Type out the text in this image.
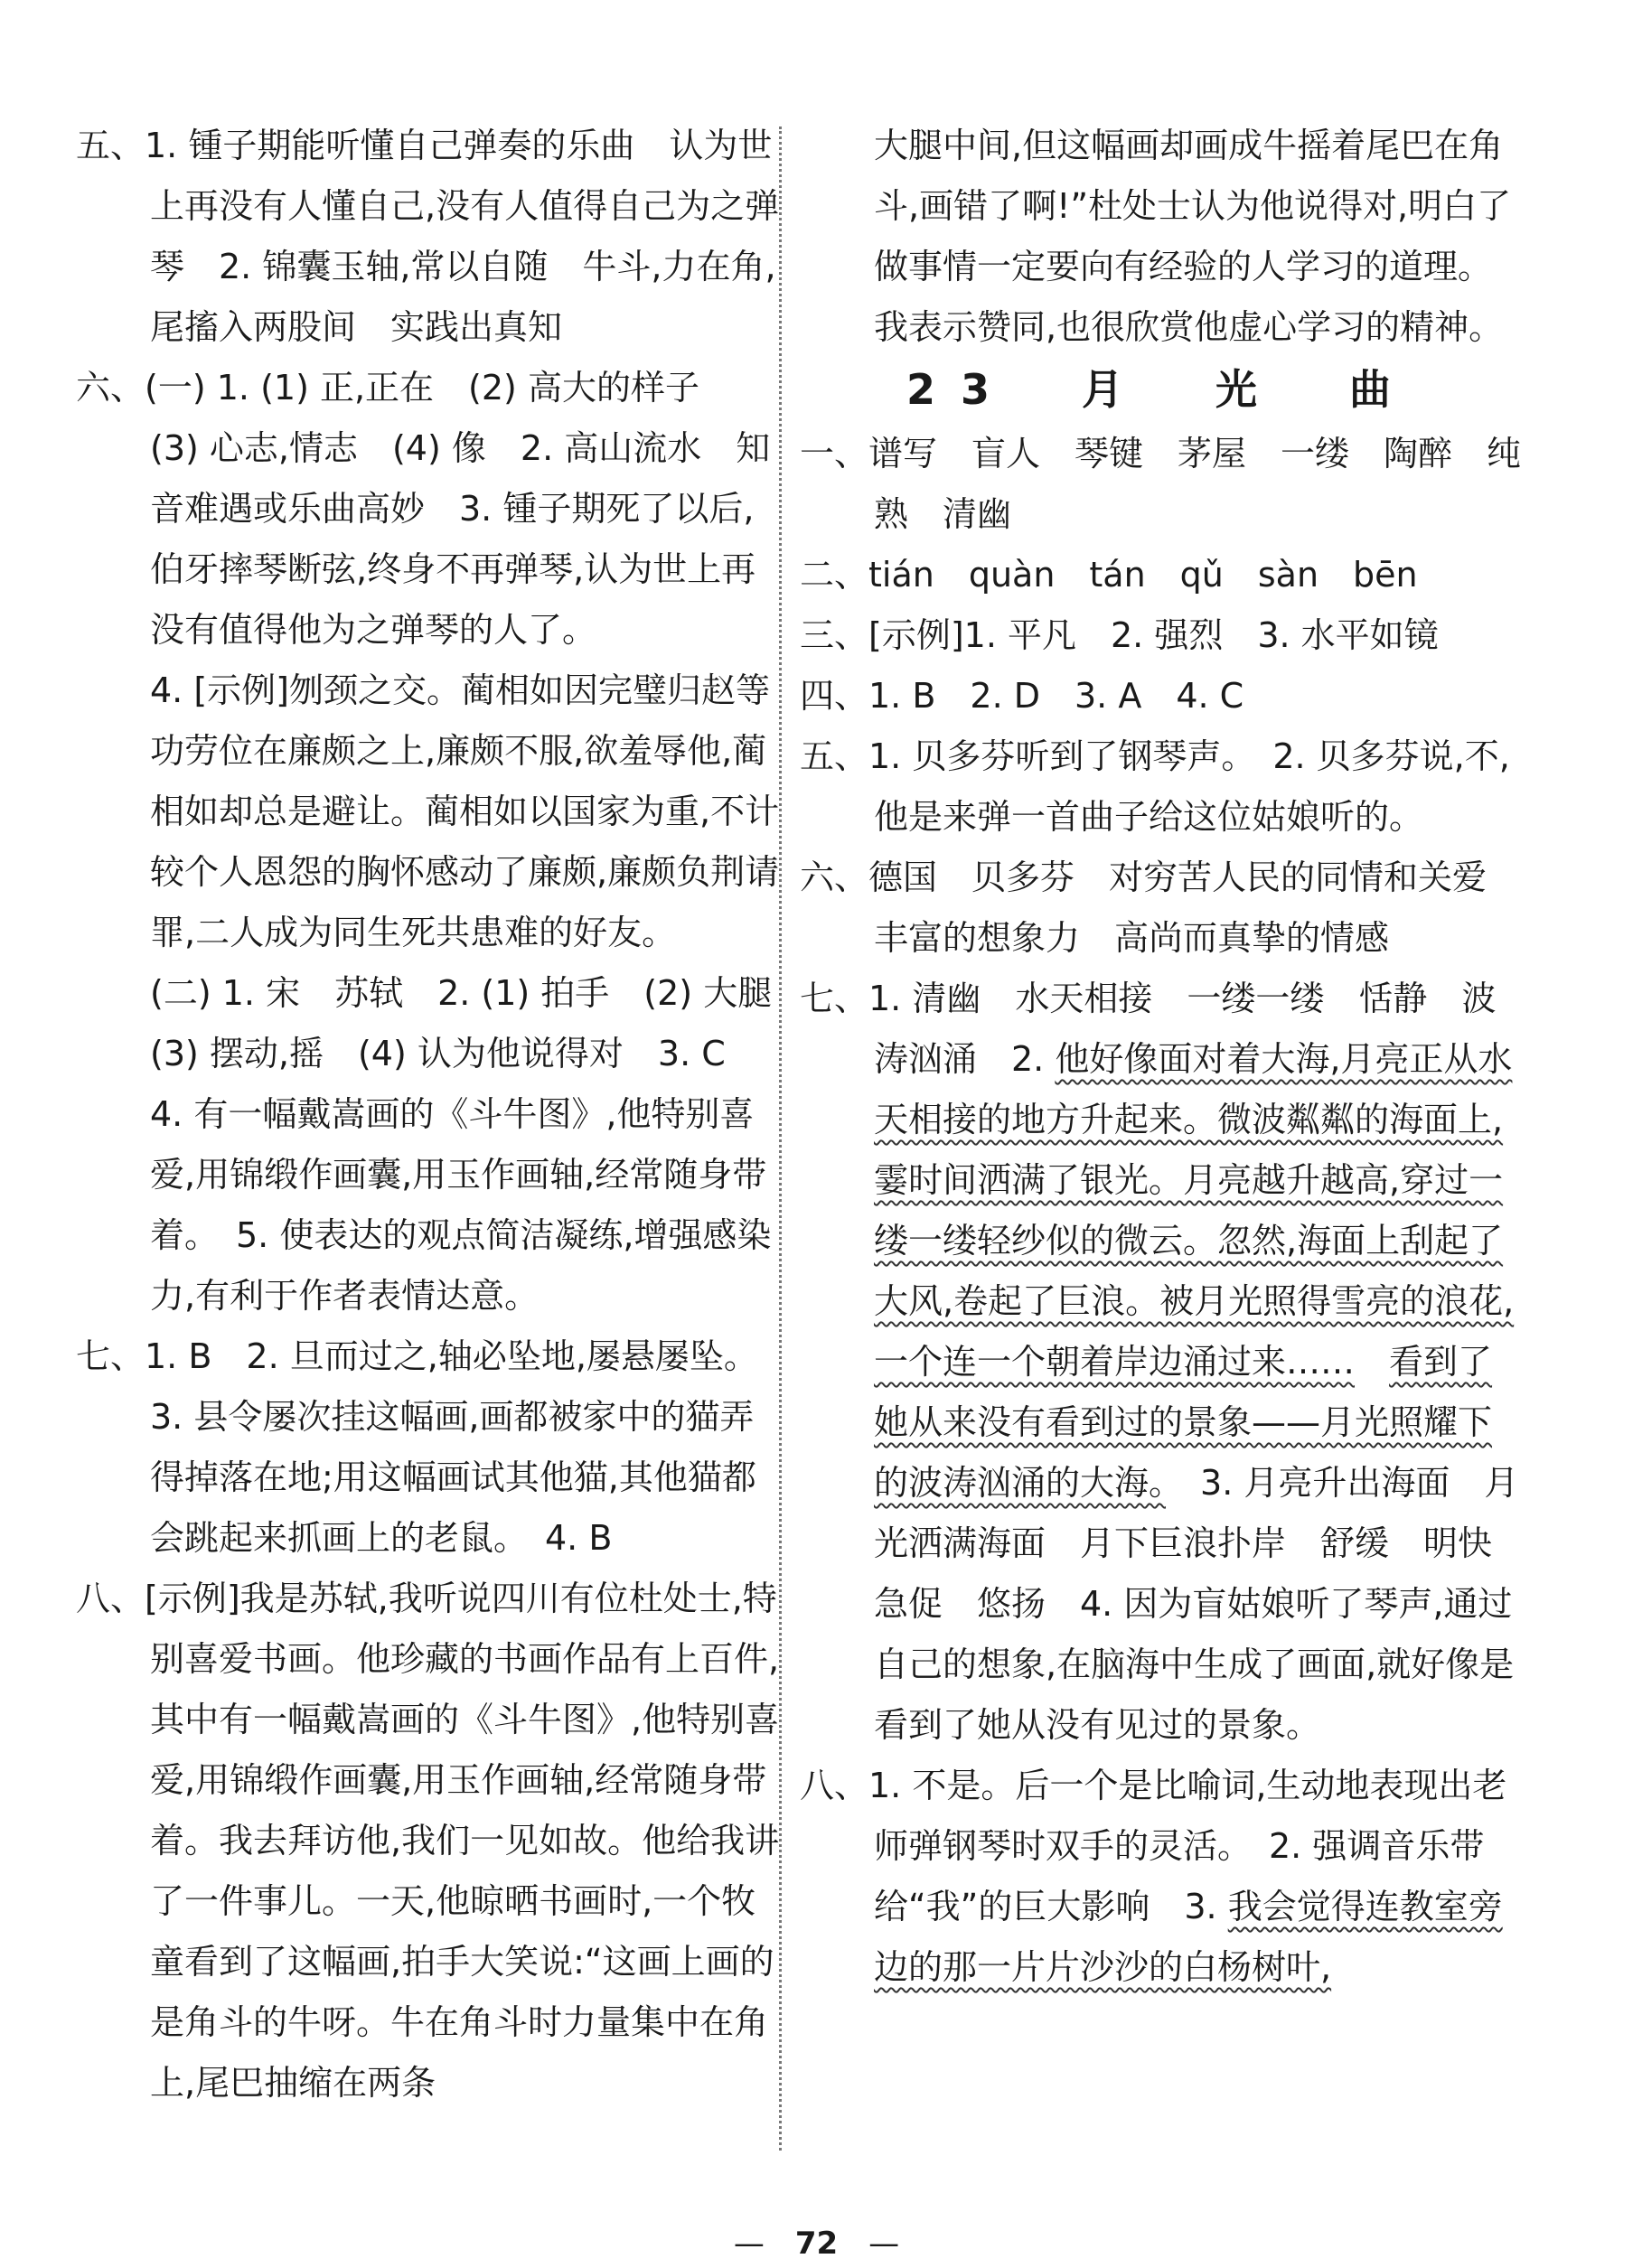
五、1. 锺子期能听懂自己弹奏的乐曲　认为世上再没有人懂自己,没有人值得自己为之弹琴　2. 锦囊玉轴,常以自随　牛斗,力在角,尾搐入两股间　实践出真知
六、(一) 1. (1) 正,正在　(2) 高大的样子　(3) 心志,情志　(4) 像　2. 高山流水　知音难遇或乐曲高妙　3. 锺子期死了以后,伯牙摔琴断弦,终身不再弹琴,认为世上再没有值得他为之弹琴的人了。
4. [示例]刎颈之交。蔺相如因完璧归赵等功劳位在廉颇之上,廉颇不服,欲羞辱他,蔺相如却总是避让。蔺相如以国家为重,不计较个人恩怨的胸怀感动了廉颇,廉颇负荆请罪,二人成为同生死共患难的好友。
(二) 1. 宋　苏轼　2. (1) 拍手　(2) 大腿　(3) 摆动,摇　(4) 认为他说得对　3. C　4. 有一幅戴嵩画的《斗牛图》,他特别喜爱,用锦缎作画囊,用玉作画轴,经常随身带着。　5. 使表达的观点简洁凝练,增强感染力,有利于作者表情达意。
七、1. B　2. 旦而过之,轴必坠地,屡悬屡坠。
3. 县令屡次挂这幅画,画都被家中的猫弄得掉落在地;用这幅画试其他猫,其他猫都会跳起来抓画上的老鼠。　4. B
八、[示例]我是苏轼,我听说四川有位杜处士,特别喜爱书画。他珍藏的书画作品有上百件,其中有一幅戴嵩画的《斗牛图》,他特别喜爱,用锦缎作画囊,用玉作画轴,经常随身带着。我去拜访他,我们一见如故。他给我讲了一件事儿。一天,他晾晒书画时,一个牧童看到了这幅画,拍手大笑说:“这画上画的是角斗的牛呀。牛在角斗时力量集中在角上,尾巴抽缩在两条
大腿中间,但这幅画却画成牛摇着尾巴在角斗,画错了啊!”杜处士认为他说得对,明白了做事情一定要向有经验的人学习的道理。我表示赞同,也很欣赏他虚心学习的精神。
23　月　光　曲
一、谱写　盲人　琴键　茅屋　一缕　陶醉　纯熟　清幽
二、tián　quàn　tán　qǔ　sàn　bēn
三、[示例]1. 平凡　2. 强烈　3. 水平如镜
四、1. B　2. D　3. A　4. C
五、1. 贝多芬听到了钢琴声。　2. 贝多芬说,不,他是来弹一首曲子给这位姑娘听的。
六、德国　贝多芬　对穷苦人民的同情和关爱　丰富的想象力　高尚而真挚的情感
七、1. 清幽　水天相接　一缕一缕　恬静　波涛汹涌　2. 他好像面对着大海,月亮正从水天相接的地方升起来。微波粼粼的海面上,霎时间洒满了银光。月亮越升越高,穿过一缕一缕轻纱似的微云。忽然,海面上刮起了大风,卷起了巨浪。被月光照得雪亮的浪花,一个连一个朝着岸边涌过来……　 看到了她从来没有看到过的景象——月光照耀下的波涛汹涌的大海。　 3. 月亮升出海面　月光洒满海面　月下巨浪扑岸　舒缓　明快　急促　悠扬　4. 因为盲姑娘听了琴声,通过自己的想象,在脑海中生成了画面,就好像是看到了她从没有见过的景象。
八、1. 不是。后一个是比喻词,生动地表现出老师弹钢琴时双手的灵活。　2. 强调音乐带给“我”的巨大影响　3. 我会觉得连教室旁边的那一片片沙沙的白杨树叶,
—　 72　 —
